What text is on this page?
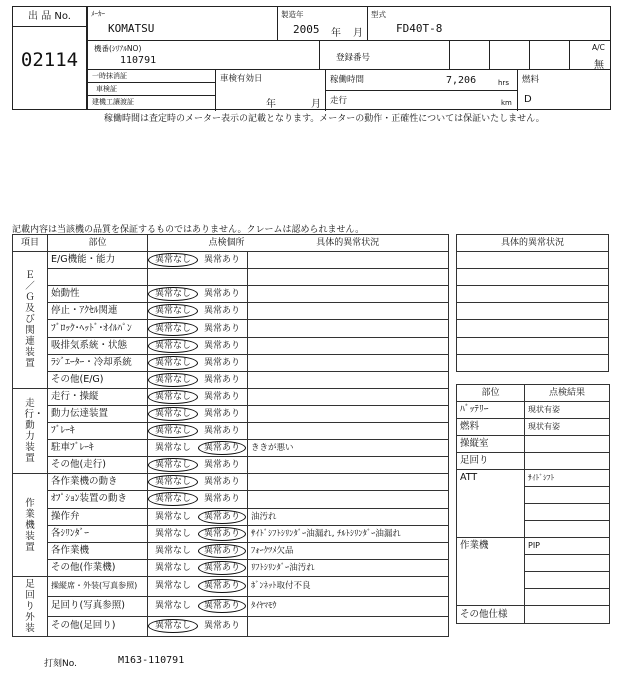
出 品 No.
02114
ﾒｰｶｰ
KOMATSU
製造年
2005 年 月
型式
FD40T-8
機番(ｼﾘｱﾙNO)
110791	登録番号
A/C
無
一時抹消証
車検証
建機工讓渡証
車検有効日
年	月
稼働時間	7,206	hrs
走行	km
燃料
D
稼働時間は査定時のメーター表示の記載となります。メーターの動作・正確性については保証いたしません。
記載内容は当該機の品質を保証するものではありません。クレームは認められません。
項目	部位	点検個所	具体的異常状況

Ｅ／Ｇ及び関連装置	E/G機能・能力	異常なし 異常あり	

	始動性	異常なし 異常あり	
	停止・ｱｸｾﾙ関連	異常なし 異常あり	
	ﾌﾞﾛｯｸ･ﾍｯﾄﾞ･ｵｲﾙﾊﾟﾝ	異常なし 異常あり	
	吸排気系統・状態	異常なし 異常あり	
	ﾗｼﾞｴｰﾀｰ・冷却系統	異常なし 異常あり	
	その他(E/G)	異常なし 異常あり	

走行・動力装置	走行・操縦	異常なし 異常あり	
	動力伝達装置	異常なし 異常あり	
	ﾌﾞﾚｰｷ	異常なし 異常あり	
	駐車ﾌﾞﾚｰｷ	異常なし 異常あり	ききが悪い
	その他(走行)	異常なし 異常あり	

作業機装置	各作業機の動き	異常なし 異常あり	
	ｵﾌﾟｼｮﾝ装置の動き	異常なし 異常あり	
	操作弁	異常なし 異常あり	油汚れ
	各ｼﾘﾝﾀﾞｰ	異常なし 異常あり	ｻｲﾄﾞｼﾌﾄｼﾘﾝﾀﾞｰ油漏れ, ﾁﾙﾄｼﾘﾝﾀﾞｰ油漏れ
	各作業機	異常なし 異常あり	ﾌｫｰｸﾂﾒ欠品
	その他(作業機)	異常なし 異常あり	ﾘﾌﾄｼﾘﾝﾀﾞｰ油汚れ

足回り外装	操縦席・外装(写真参照)	異常なし 異常あり	ﾎﾞﾝﾈｯﾄ取付不良
	足回り(写真参照)	異常なし 異常あり	ﾀｲﾔﾏﾓｳ
	その他(足回り)	異常なし 異常あり	
具体的異常状況

部位	点検結果
ﾊﾞｯﾃﾘｰ	現状有姿
燃料	現状有姿
操縦室	
足回り	
ATT	ｻｲﾄﾞｼﾌﾄ

作業機	PIP

その他仕様	
打刻No.	M163-110791
